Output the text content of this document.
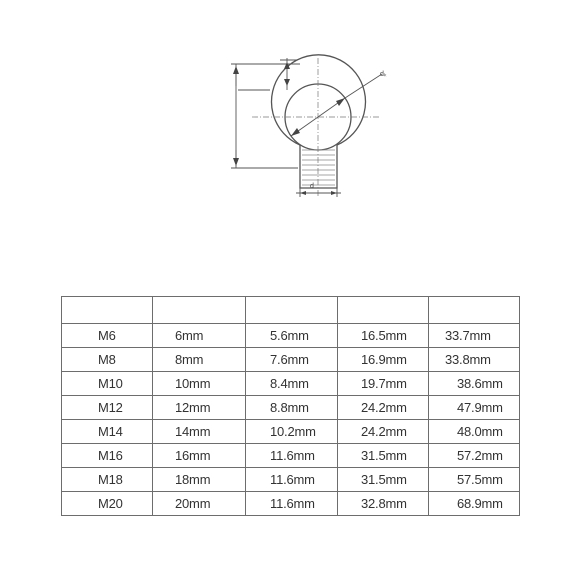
dₖ
d

M6	6mm	5.6mm	16.5mm	33.7mm
M8	8mm	7.6mm	16.9mm	33.8mm
M10	10mm	8.4mm	19.7mm	38.6mm
M12	12mm	8.8mm	24.2mm	47.9mm
M14	14mm	10.2mm	24.2mm	48.0mm
M16	16mm	11.6mm	31.5mm	57.2mm
M18	18mm	11.6mm	31.5mm	57.5mm
M20	20mm	11.6mm	32.8mm	68.9mm
